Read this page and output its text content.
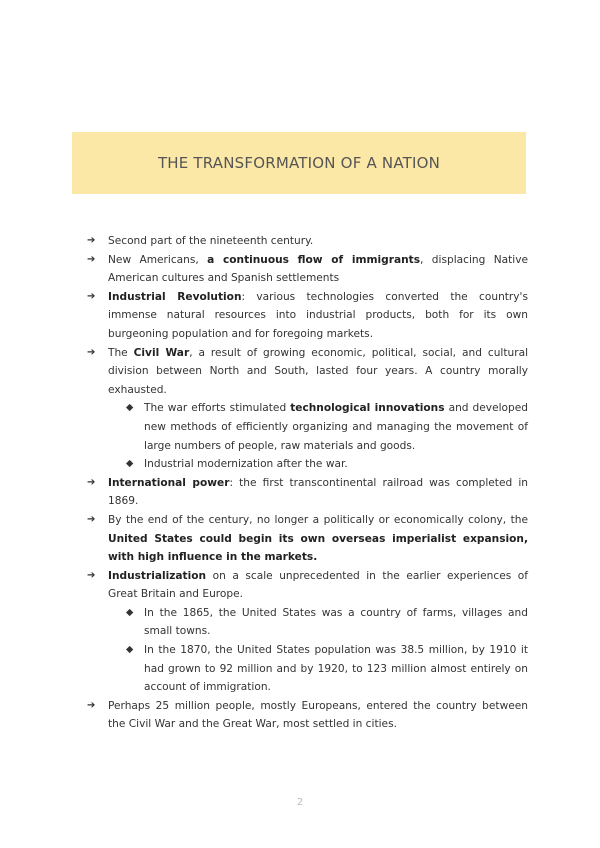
THE TRANSFORMATION OF A NATION
➔ Second part of the nineteenth century.
➔ New Americans, a continuous flow of immigrants, displacing Native American cultures and Spanish settlements
➔ Industrial Revolution: various technologies converted the country's immense natural resources into industrial products, both for its own burgeoning population and for foregoing markets.
➔ The Civil War, a result of growing economic, political, social, and cultural division between North and South, lasted four years. A country morally exhausted.
◆ The war efforts stimulated technological innovations and developed new methods of efficiently organizing and managing the movement of large numbers of people, raw materials and goods.
◆ Industrial modernization after the war.
➔ International power: the first transcontinental railroad was completed in 1869.
➔ By the end of the century, no longer a politically or economically colony, the United States could begin its own overseas imperialist expansion, with high influence in the markets.
➔ Industrialization on a scale unprecedented in the earlier experiences of Great Britain and Europe.
◆ In the 1865, the United States was a country of farms, villages and small towns.
◆ In the 1870, the United States population was 38.5 million, by 1910 it had grown to 92 million and by 1920, to 123 million almost entirely on account of immigration.
➔ Perhaps 25 million people, mostly Europeans, entered the country between the Civil War and the Great War, most settled in cities.
2
